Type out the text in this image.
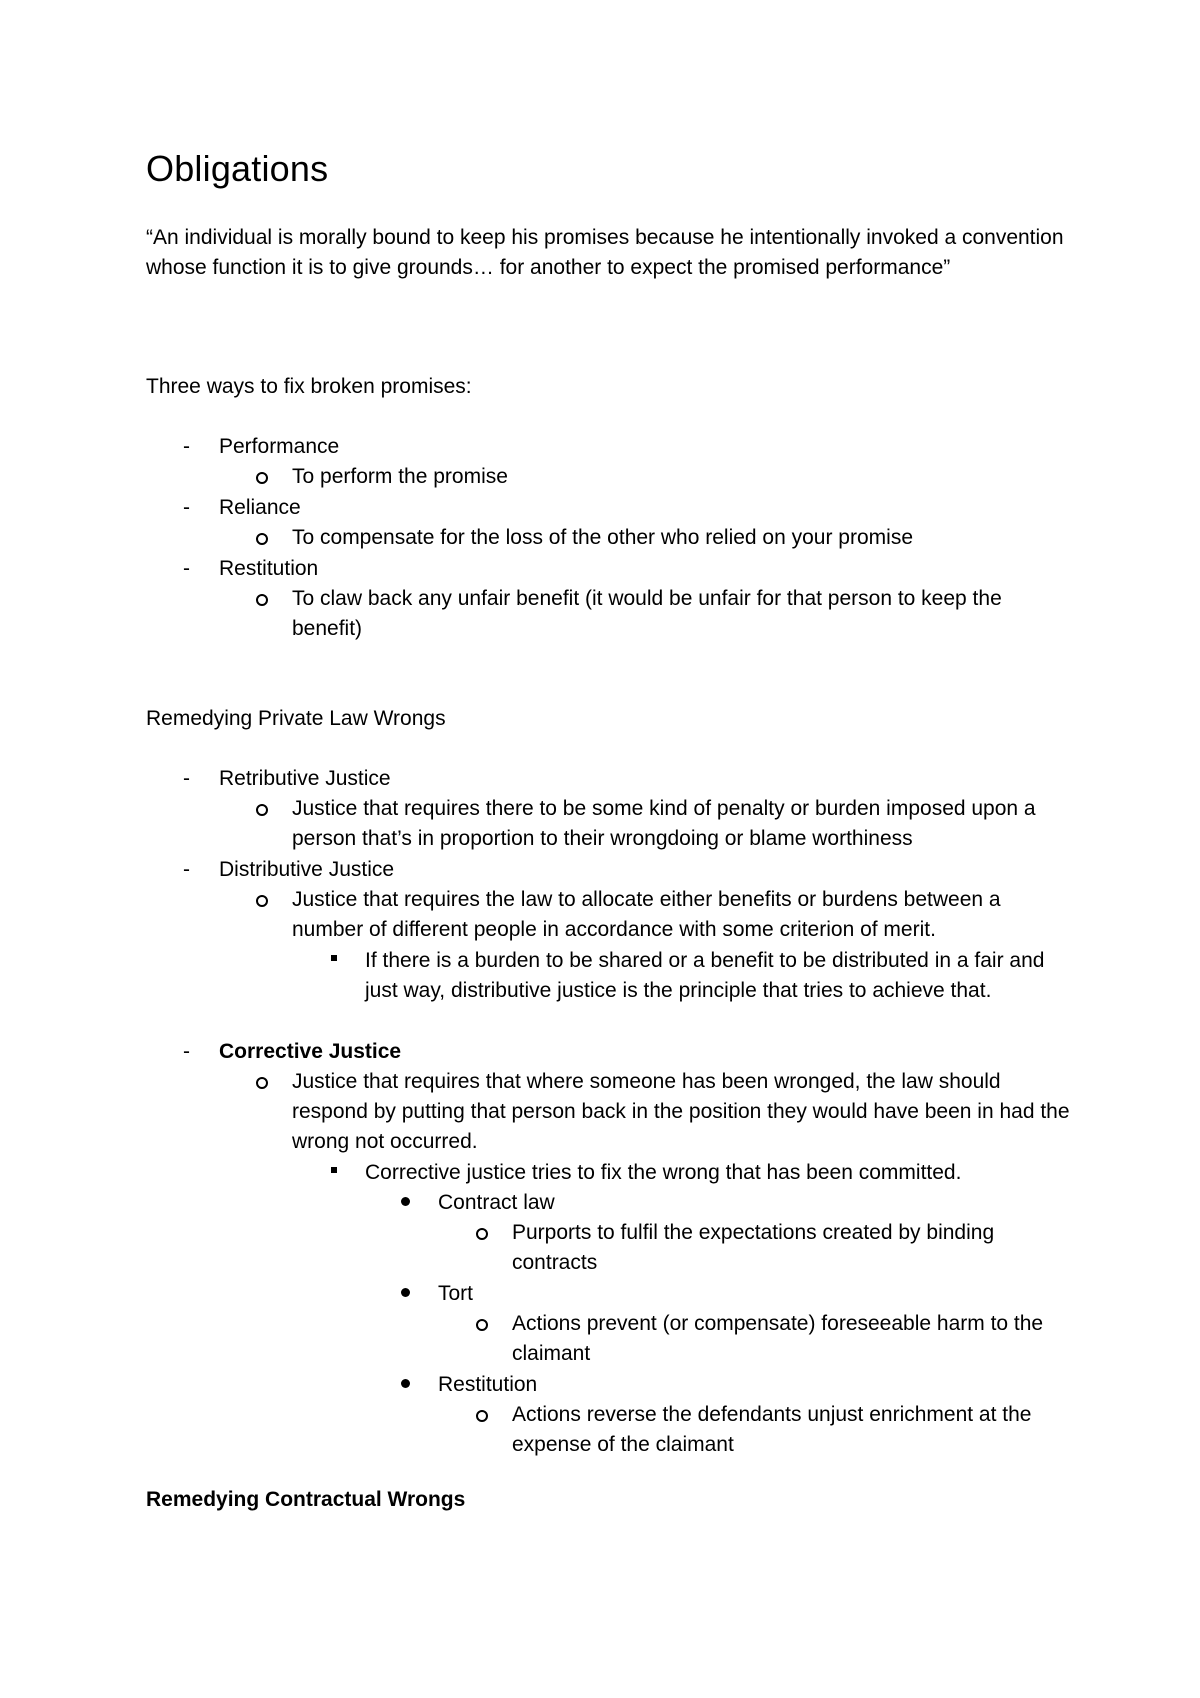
Obligations

“An individual is morally bound to keep his promises because he intentionally invoked a convention whose function it is to give grounds… for another to expect the promised performance”

Three ways to fix broken promises:

- Performance
To perform the promise
- Reliance
To compensate for the loss of the other who relied on your promise
- Restitution
To claw back any unfair benefit (it would be unfair for that person to keep the benefit)

Remedying Private Law Wrongs

- Retributive Justice
Justice that requires there to be some kind of penalty or burden imposed upon a person that’s in proportion to their wrongdoing or blame worthiness
- Distributive Justice
Justice that requires the law to allocate either benefits or burdens between a number of different people in accordance with some criterion of merit.
If there is a burden to be shared or a benefit to be distributed in a fair and just way, distributive justice is the principle that tries to achieve that.
- Corrective Justice
Justice that requires that where someone has been wronged, the law should respond by putting that person back in the position they would have been in had the wrong not occurred.
Corrective justice tries to fix the wrong that has been committed.
Contract law
Purports to fulfil the expectations created by binding contracts
Tort
Actions prevent (or compensate) foreseeable harm to the claimant
Restitution
Actions reverse the defendants unjust enrichment at the expense of the claimant

Remedying Contractual Wrongs
